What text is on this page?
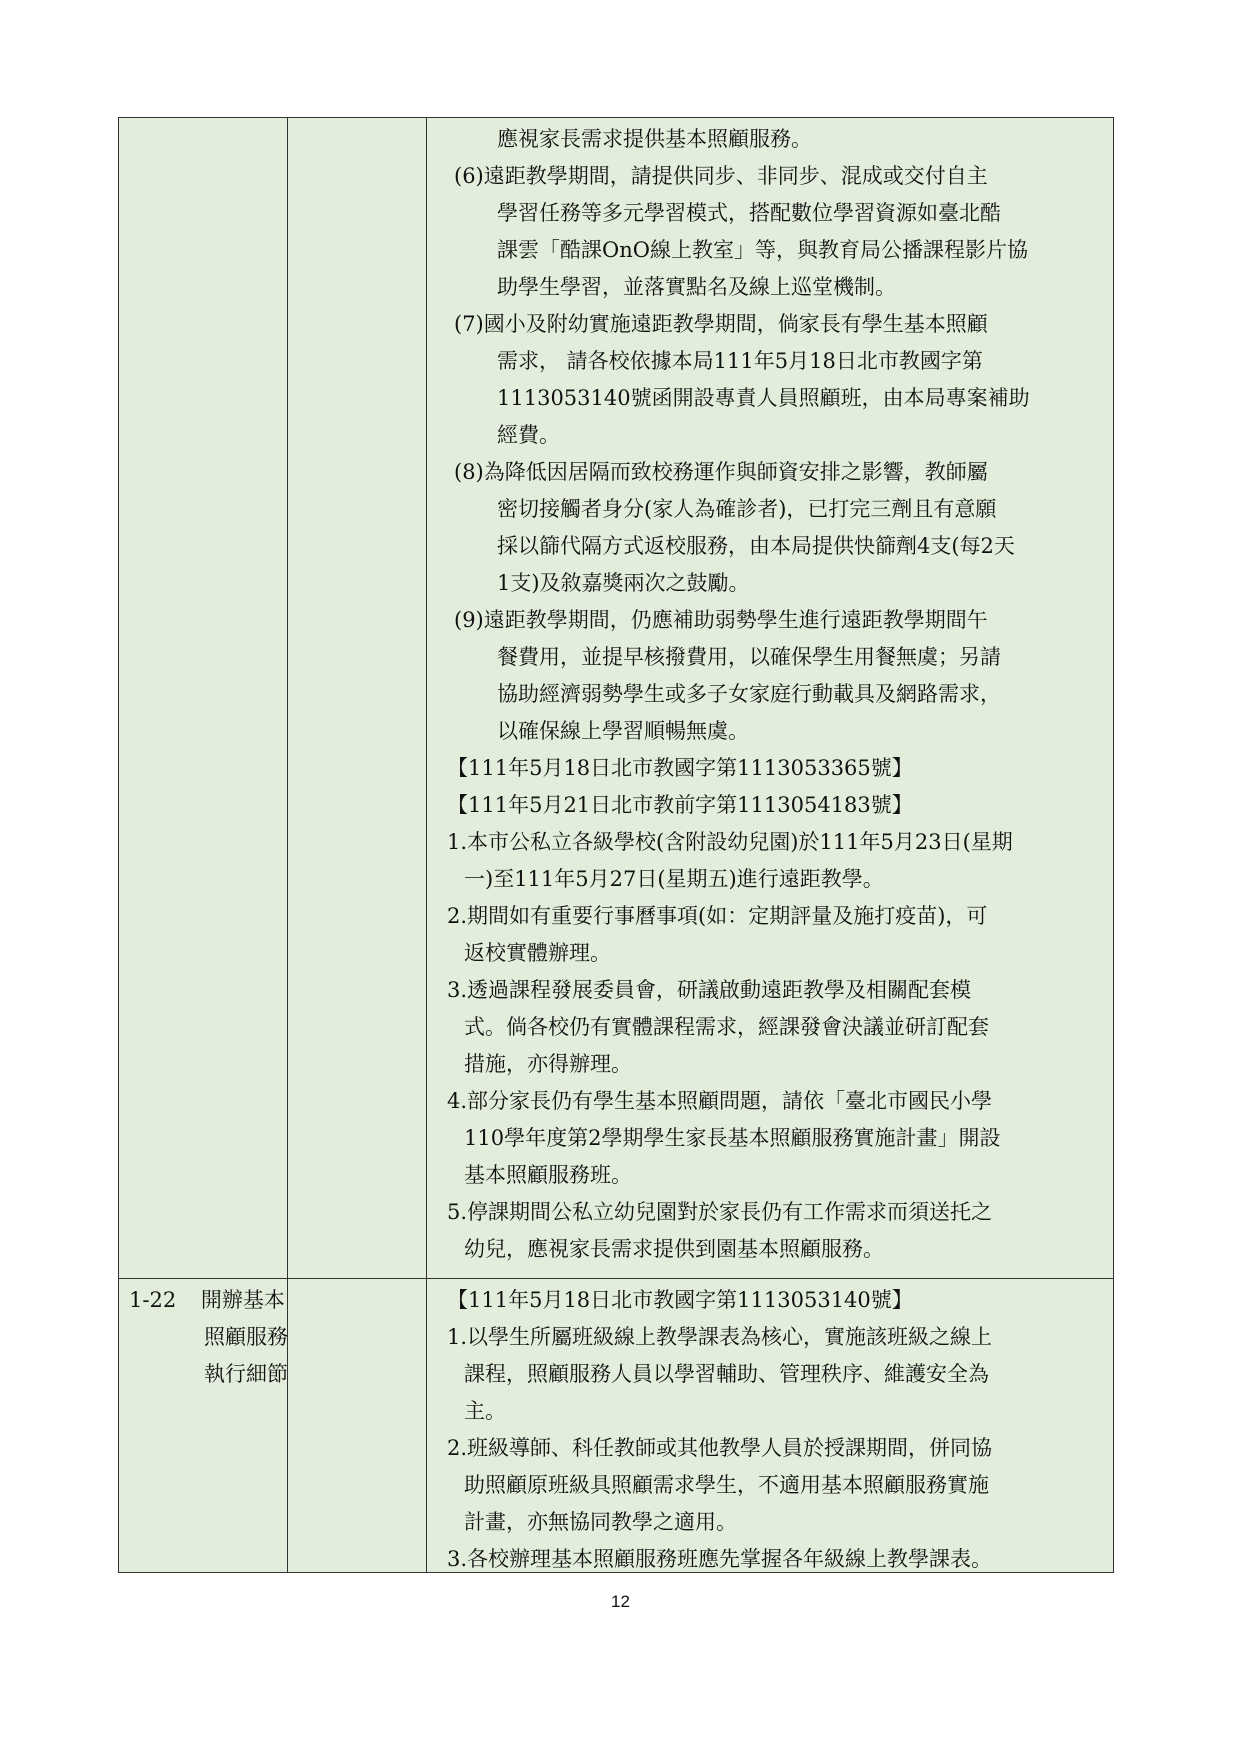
應視家長需求提供基本照顧服務。
(6)遠距教學期間，請提供同步、非同步、混成或交付自主
學習任務等多元學習模式，搭配數位學習資源如臺北酷
課雲「酷課OnO線上教室」等，與教育局公播課程影片協
助學生學習，並落實點名及線上巡堂機制。
(7)國小及附幼實施遠距教學期間，倘家長有學生基本照顧
需求， 請各校依據本局111年5月18日北市教國字第
1113053140號函開設專責人員照顧班，由本局專案補助
經費。
(8)為降低因居隔而致校務運作與師資安排之影響，教師屬
密切接觸者身分(家人為確診者)，已打完三劑且有意願
採以篩代隔方式返校服務，由本局提供快篩劑4支(每2天
1支)及敘嘉獎兩次之鼓勵。
(9)遠距教學期間，仍應補助弱勢學生進行遠距教學期間午
餐費用，並提早核撥費用，以確保學生用餐無虞；另請
協助經濟弱勢學生或多子女家庭行動載具及網路需求，
以確保線上學習順暢無虞。
【111年5月18日北市教國字第1113053365號】
【111年5月21日北市教前字第1113054183號】
1.本市公私立各級學校(含附設幼兒園)於111年5月23日(星期
一)至111年5月27日(星期五)進行遠距教學。
2.期間如有重要行事曆事項(如：定期評量及施打疫苗)，可
返校實體辦理。
3.透過課程發展委員會，研議啟動遠距教學及相關配套模
式。倘各校仍有實體課程需求，經課發會決議並研訂配套
措施，亦得辦理。
4.部分家長仍有學生基本照顧問題，請依「臺北市國民小學
110學年度第2學期學生家長基本照顧服務實施計畫」開設
基本照顧服務班。
5.停課期間公私立幼兒園對於家長仍有工作需求而須送托之
幼兒，應視家長需求提供到園基本照顧服務。
1-22 開辦基本
照顧服務
執行細節
【111年5月18日北市教國字第1113053140號】
1.以學生所屬班級線上教學課表為核心，實施該班級之線上
課程，照顧服務人員以學習輔助、管理秩序、維護安全為
主。
2.班級導師、科任教師或其他教學人員於授課期間，併同協
助照顧原班級具照顧需求學生，不適用基本照顧服務實施
計畫，亦無協同教學之適用。
3.各校辦理基本照顧服務班應先掌握各年級線上教學課表。
12
